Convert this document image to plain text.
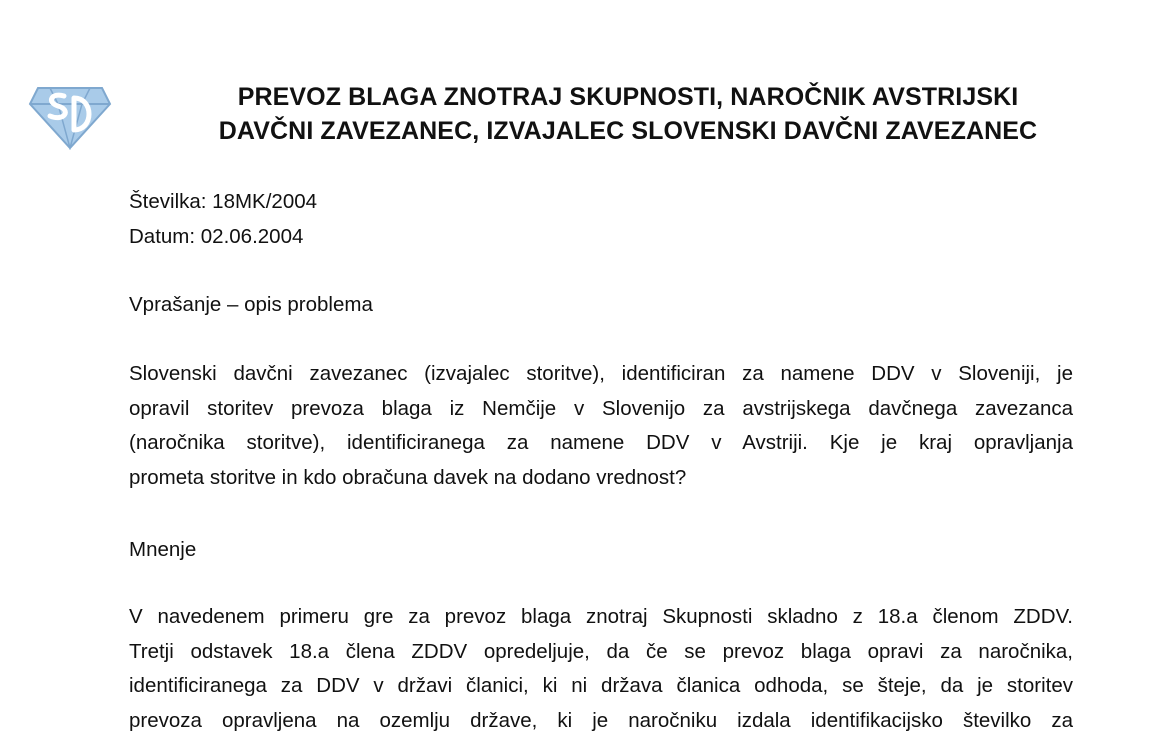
PREVOZ BLAGA ZNOTRAJ SKUPNOSTI, NAROČNIK AVSTRIJSKI
DAVČNI ZAVEZANEC, IZVAJALEC SLOVENSKI DAVČNI ZAVEZANEC
Številka: 18MK/2004
Datum: 02.06.2004
Vprašanje – opis problema
Slovenski davčni zavezanec (izvajalec storitve), identificiran za namene DDV v Sloveniji, je
opravil storitev prevoza blaga iz Nemčije v Slovenijo za avstrijskega davčnega zavezanca
(naročnika storitve), identificiranega za namene DDV v Avstriji. Kje je kraj opravljanja
prometa storitve in kdo obračuna davek na dodano vrednost?
Mnenje
V navedenem primeru gre za prevoz blaga znotraj Skupnosti skladno z 18.a členom ZDDV.
Tretji odstavek 18.a člena ZDDV opredeljuje, da če se prevoz blaga opravi za naročnika,
identificiranega za DDV v državi članici, ki ni država članica odhoda, se šteje, da je storitev
prevoza opravljena na ozemlju države, ki je naročniku izdala identifikacijsko številko za
